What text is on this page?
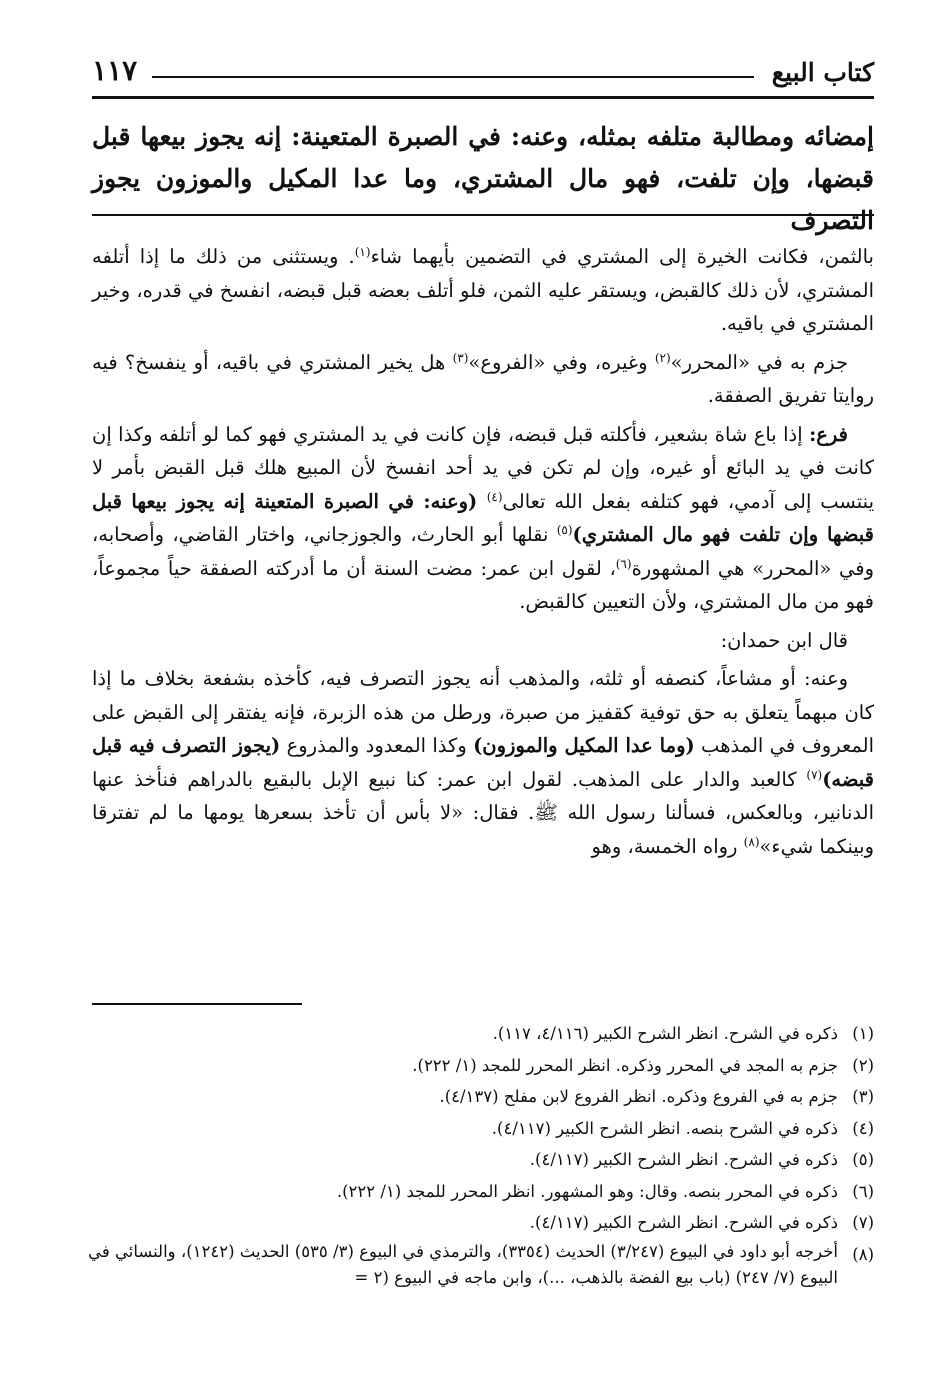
كتاب البيع
١١٧
إمضائه ومطالبة متلفه بمثله، وعنه: في الصبرة المتعينة: إنه يجوز بيعها قبل قبضها، وإن تلفت، فهو مال المشتري، وما عدا المكيل والموزون يجوز التصرف

بالثمن، فكانت الخيرة إلى المشتري في التضمين بأيهما شاء$^{(١)}$. ويستثنى من ذلك ما إذا أتلفه المشتري، لأن ذلك كالقبض، ويستقر عليه الثمن، فلو أتلف بعضه قبل قبضه، انفسخ في قدره، وخير المشتري في باقيه.

جزم به في «المحرر»$^{(٢)}$ وغيره، وفي «الفروع»$^{(٣)}$ هل يخير المشتري في باقيه، أو ينفسخ؟ فيه روايتا تفريق الصفقة.

فرع: إذا باع شاة بشعير، فأكلته قبل قبضه، فإن كانت في يد المشتري فهو كما لو أتلفه وكذا إن كانت في يد البائع أو غيره، وإن لم تكن في يد أحد انفسخ لأن المبيع هلك قبل القبض بأمر لا ينتسب إلى آدمي، فهو كتلفه بفعل الله تعالى$^{(٤)}$ (وعنه: في الصبرة المتعينة إنه يجوز بيعها قبل قبضها وإن تلفت فهو مال المشتري)$^{(٥)}$ نقلها أبو الحارث، والجوزجاني، واختار القاضي، وأصحابه، وفي «المحرر» هي المشهورة$^{(٦)}$، لقول ابن عمر: مضت السنة أن ما أدركته الصفقة حياً مجموعاً، فهو من مال المشتري، ولأن التعيين كالقبض.

قال ابن حمدان:

وعنه: أو مشاعاً، كنصفه أو ثلثه، والمذهب أنه يجوز التصرف فيه، كأخذه بشفعة بخلاف ما إذا كان مبهماً يتعلق به حق توفية كقفيز من صبرة، ورطل من هذه الزبرة، فإنه يفتقر إلى القبض على المعروف في المذهب (وما عدا المكيل والموزون) وكذا المعدود والمذروع (يجوز التصرف فيه قبل قبضه)$^{(٧)}$ كالعبد والدار على المذهب. لقول ابن عمر: كنا نبيع الإبل بالبقيع بالدراهم فنأخذ عنها الدنانير، وبالعكس، فسألنا رسول الله ﷺ. فقال: «لا بأس أن تأخذ بسعرها يومها ما لم تفترقا وبينكما شيء»$^{(٨)}$ رواه الخمسة، وهو

(١)
ذكره في الشرح. انظر الشرح الكبير (٤/١١٦، ١١٧).
(٢)
جزم به المجد في المحرر وذكره. انظر المحرر للمجد (١/ ٢٢٢).
(٣)
جزم به في الفروع وذكره. انظر الفروع لابن مفلح (٤/١٣٧).
(٤)
ذكره في الشرح بنصه. انظر الشرح الكبير (٤/١١٧).
(٥)
ذكره في الشرح. انظر الشرح الكبير (٤/١١٧).
(٦)
ذكره في المحرر بنصه. وقال: وهو المشهور. انظر المحرر للمجد (١/ ٢٢٢).
(٧)
ذكره في الشرح. انظر الشرح الكبير (٤/١١٧).
(٨)
أخرجه أبو داود في البيوع (٣/٢٤٧) الحديث (٣٣٥٤)، والترمذي في البيوع (٣/ ٥٣٥) الحديث (١٢٤٢)، والنسائي في البيوع (٧/ ٢٤٧) (باب بيع الفضة بالذهب، ...)، وابن ماجه في البيوع (٢ =
